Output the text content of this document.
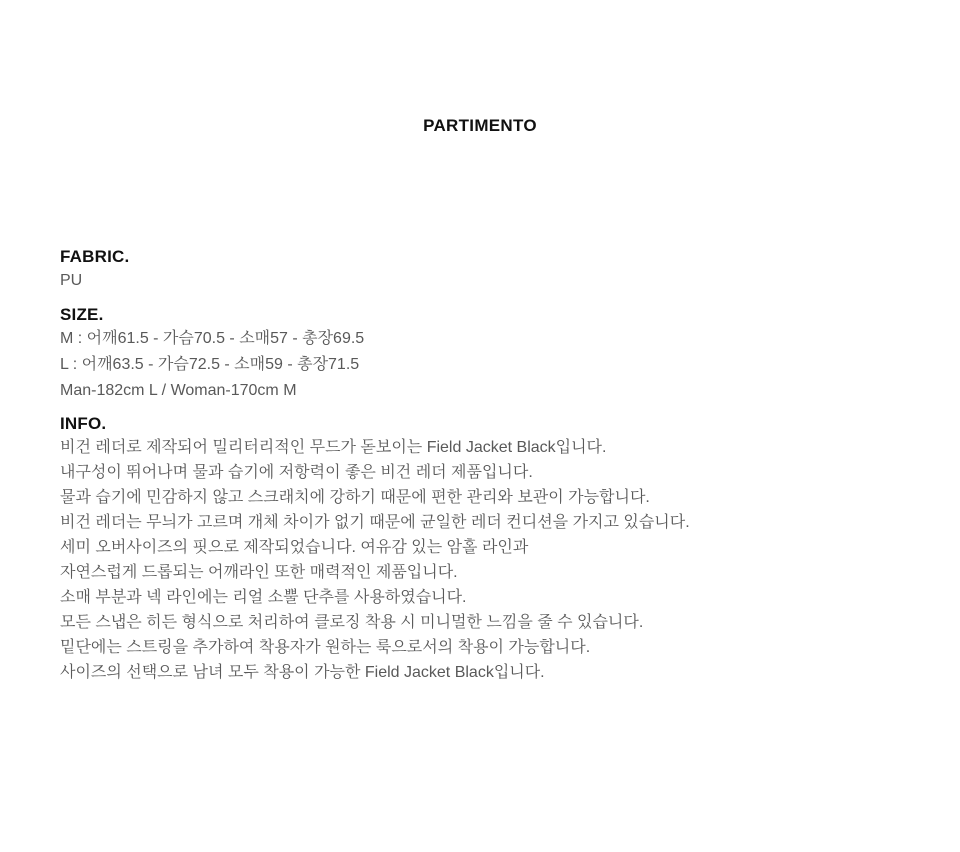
PARTIMENTO
FABRIC.

PU

SIZE.

M : 어깨61.5 - 가슴70.5 - 소매57 - 총장69.5

L : 어깨63.5 - 가슴72.5 - 소매59 - 총장71.5

Man-182cm L / Woman-170cm M

INFO.

비건 레더로 제작되어 밀리터리적인 무드가 돋보이는 Field Jacket Black입니다.

내구성이 뛰어나며 물과 습기에 저항력이 좋은 비건 레더 제품입니다.

물과 습기에 민감하지 않고 스크래치에 강하기 때문에 편한 관리와 보관이 가능합니다.

비건 레더는 무늬가 고르며 개체 차이가 없기 때문에 균일한 레더 컨디션을 가지고 있습니다.

세미 오버사이즈의 핏으로 제작되었습니다. 여유감 있는 암홀 라인과

자연스럽게 드롭되는 어깨라인 또한 매력적인 제품입니다.

소매 부분과 넥 라인에는 리얼 소뿔 단추를 사용하였습니다.

모든 스냅은 히든 형식으로 처리하여 클로징 착용 시 미니멀한 느낌을 줄 수 있습니다.

밑단에는 스트링을 추가하여 착용자가 원하는 룩으로서의 착용이 가능합니다.

사이즈의 선택으로 남녀 모두 착용이 가능한 Field Jacket Black입니다.
